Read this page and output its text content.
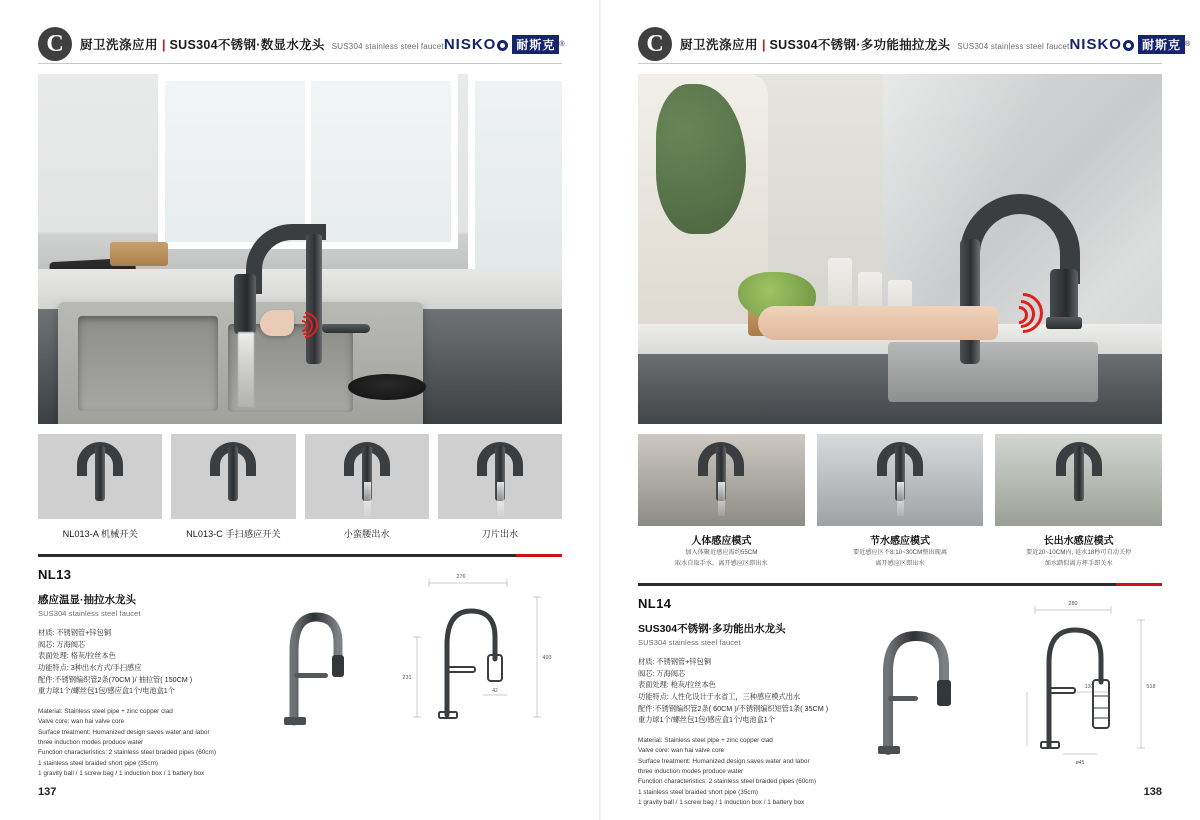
C	厨卫洗涤应用 | SUS304不锈钢·数显水龙头 SUS304 stainless steel faucet NISKO	耐斯克 ®
NL013-A 机械开关	NL013-C 手扫感应开关	小蛮腰出水	刀片出水
NL13
感应温显·抽拉水龙头
SUS304 stainless steel faucet
材质: 不锈钢管+锌包铜
阀芯: 万海阀芯
表面处理: 格灰/拉丝本色
功能特点: 3种出水方式/手扫感应
配件:不锈钢编织管2条(70CM )/ 抽拉管( 150CM )
重力球1个/螺丝包1包/感应盒1个/电池盒1个
Material: Stainless steel pipe + zinc copper clad
Valve core: wan hai valve core
Surface treatment: Humanized design saves water and labor
three induction modes produce water
Function characteristics: 2 stainless steel braided pipes (60cm)
1 stainless steel braided short pipe (35cm)
1 gravity ball / 1 screw bag / 1 induction box / 1 battery box
276
493
231
42
137
C	厨卫洗涤应用 | SUS304不锈钢·多功能抽拉龙头 SUS304 stainless steel faucet NISKO	耐斯克 ®
人体感应模式
加入体聚近感应需约55CM
取水自取手水，离开感应区即出水
节水感应模式
要近感应区不8:10~30CM整出现离
离开感应区即出水
长出水感应模式
要近20~10CM内, 延水18秒可自动关停
加水踏似离方挥手即关水
NL14
SUS304不锈钢·多功能出水龙头
SUS304 stainless steel faucet
材质: 不锈钢管+锌包铜
阀芯: 万海阀芯
表面处理: 枪灰/拉丝本色
功能特点: 人性化设计于水省工，三种感应模式出水
配件:不锈钢编织管2条( 60CM )/不锈钢编织短管1条( 35CM )
重力球1个/螺丝包1包/感应盒1个/电池盒1个
Material: Stainless steel pipe + zinc copper clad
Valve core: wan hai valve core
Surface treatment: Humanized design saves water and labor
three induction modes produce water
Function characteristics: 2 stainless steel braided pipes (60cm)
1 stainless steel braided short pipe (35cm)
1 gravity ball / 1 screw bag / 1 induction box / 1 battery box
280
518
130
ø45
138
